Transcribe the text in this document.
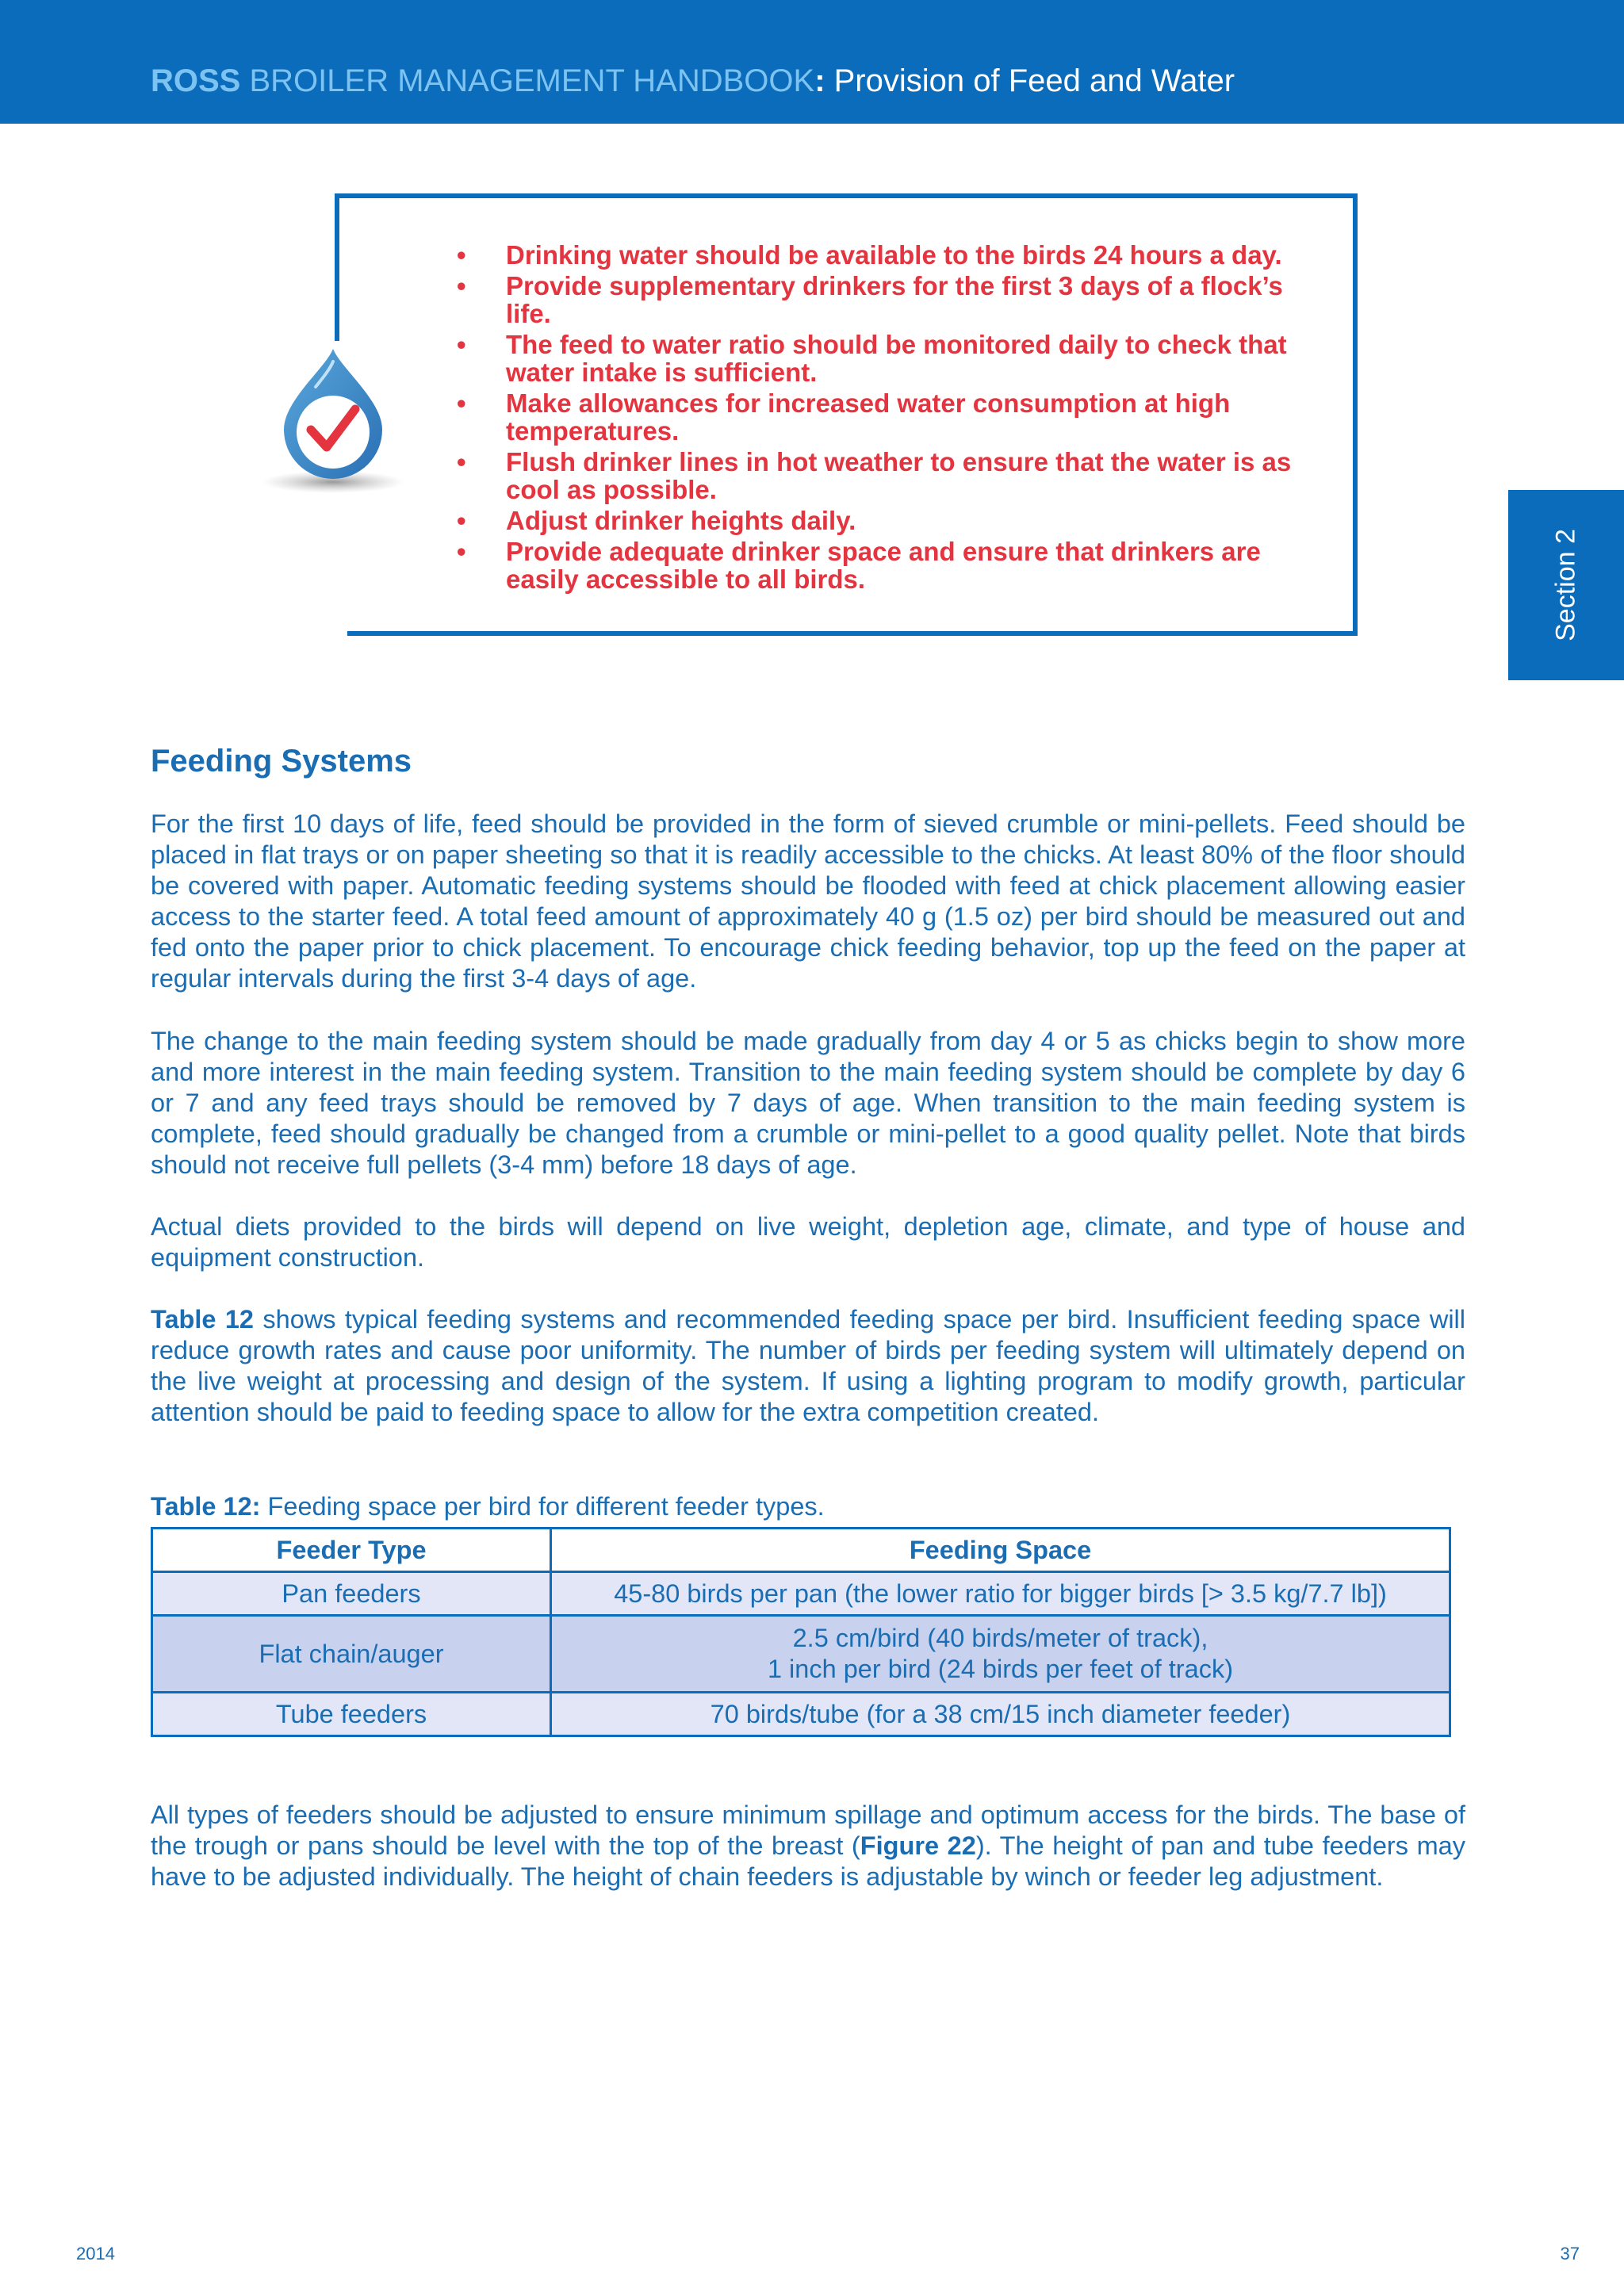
ROSS BROILER MANAGEMENT HANDBOOK: Provision of Feed and Water
Section 2
• Drinking water should be available to the birds 24 hours a day.
• Provide supplementary drinkers for the first 3 days of a flock’s life.
• The feed to water ratio should be monitored daily to check that water intake is sufficient.
• Make allowances for increased water consumption at high temperatures.
• Flush drinker lines in hot weather to ensure that the water is as cool as possible.
• Adjust drinker heights daily.
• Provide adequate drinker space and ensure that drinkers are easily accessible to all birds.
Feeding Systems

For the first 10 days of life, feed should be provided in the form of sieved crumble or mini-pellets. Feed should be placed in flat trays or on paper sheeting so that it is readily accessible to the chicks. At least 80% of the floor should be covered with paper. Automatic feeding systems should be flooded with feed at chick placement allowing easier access to the starter feed. A total feed amount of approximately 40 g (1.5 oz) per bird should be measured out and fed onto the paper prior to chick placement. To encourage chick feeding behavior, top up the feed on the paper at regular intervals during the first 3-4 days of age.

The change to the main feeding system should be made gradually from day 4 or 5 as chicks begin to show more and more interest in the main feeding system. Transition to the main feeding system should be complete by day 6 or 7 and any feed trays should be removed by 7 days of age. When transition to the main feeding system is complete, feed should gradually be changed from a crumble or mini-pellet to a good quality pellet. Note that birds should not receive full pellets (3-4 mm) before 18 days of age.

Actual diets provided to the birds will depend on live weight, depletion age, climate, and type of house and equipment construction.

Table 12 shows typical feeding systems and recommended feeding space per bird. Insufficient feeding space will reduce growth rates and cause poor uniformity. The number of birds per feeding system will ultimately depend on the live weight at processing and design of the system. If using a lighting program to modify growth, particular attention should be paid to feeding space to allow for the extra competition created.

Table 12: Feeding space per bird for different feeder types.

Feeder Type	Feeding Space
Pan feeders	45-80 birds per pan (the lower ratio for bigger birds [> 3.5 kg/7.7 lb])

Flat chain/auger	2.5 cm/bird (40 birds/meter of track),
1 inch per bird (24 birds per feet of track)

Tube feeders	70 birds/tube (for a 38 cm/15 inch diameter feeder)

All types of feeders should be adjusted to ensure minimum spillage and optimum access for the birds. The base of the trough or pans should be level with the top of the breast (Figure 22). The height of pan and tube feeders may have to be adjusted individually. The height of chain feeders is adjustable by winch or feeder leg adjustment.

2014	37
